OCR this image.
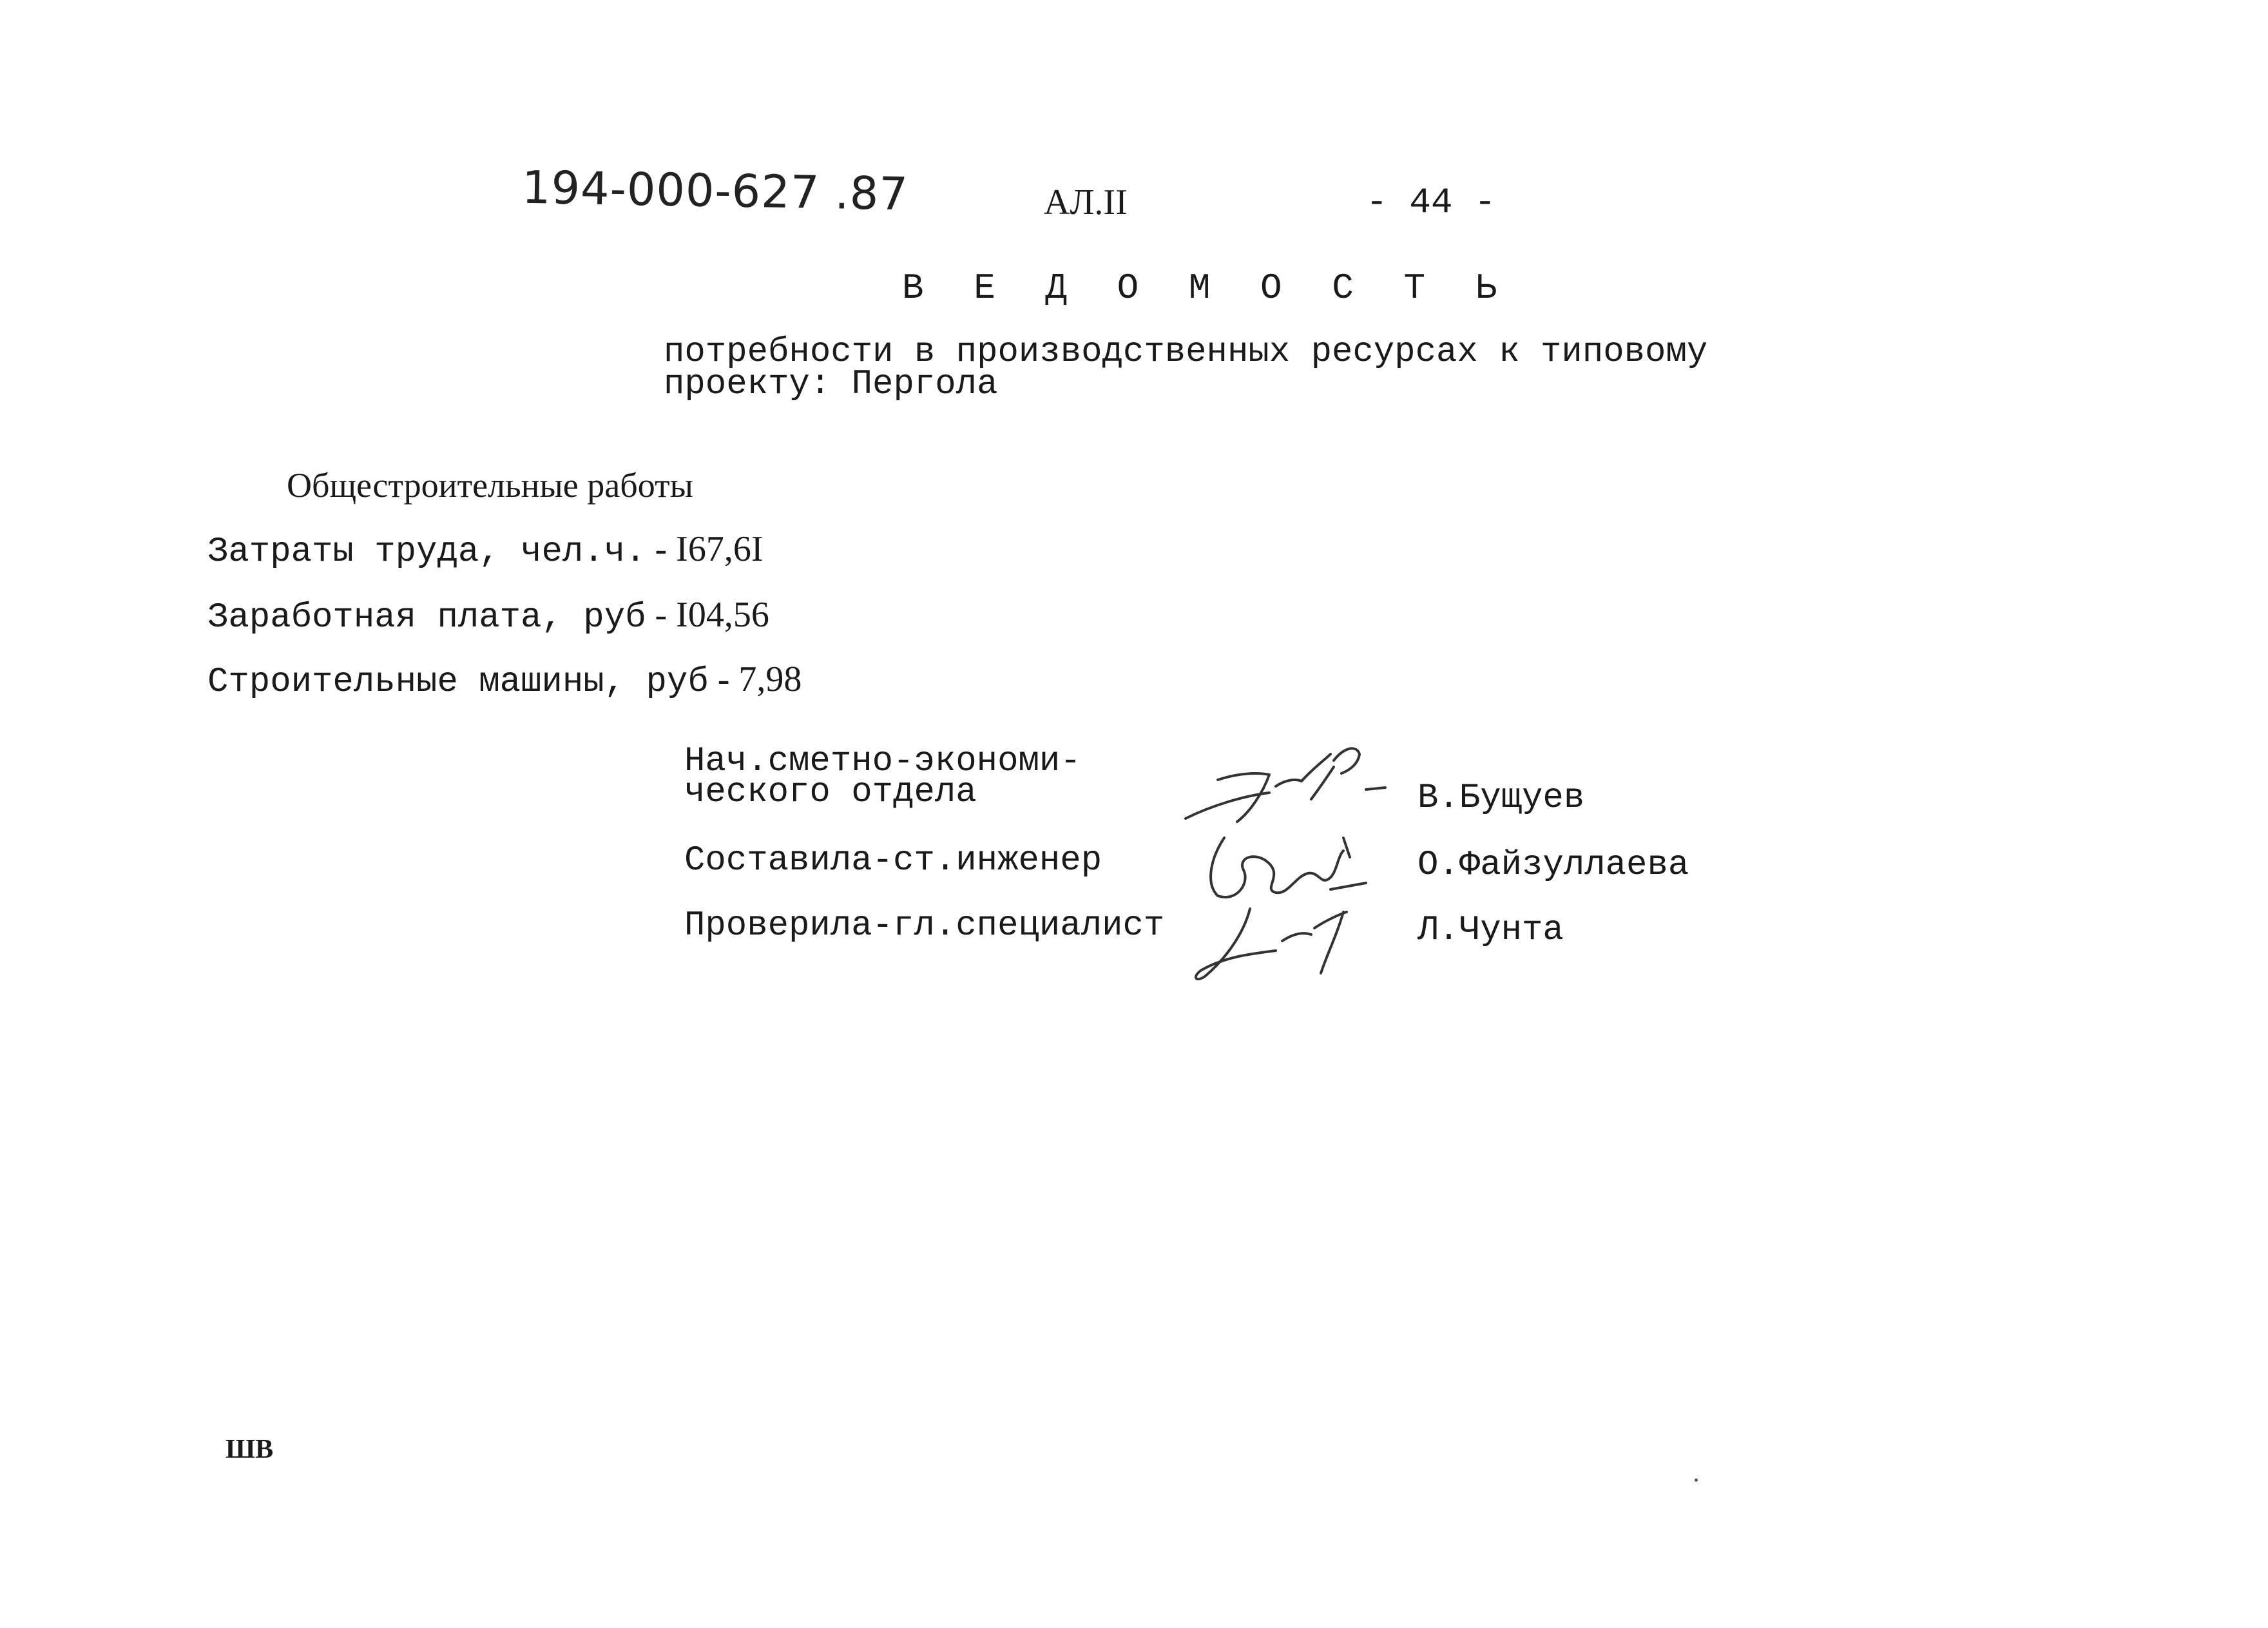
194-000-627 .87	АЛ.II	- 44 -
В Е Д О М О С Т Ь
потребности в производственных ресурсах к типовому
проекту: Пергола
Общестроительные работы
Затраты труда, чел.ч. - I67,6I
Заработная плата, руб - I04,56
Строительные машины, руб - 7,98
Нач.сметно-экономи-
ческого отдела	В.Бущуев
Составила-ст.инженер	О.Файзуллаева
Проверила-гл.специалист	Л.Чунта
ШВ
